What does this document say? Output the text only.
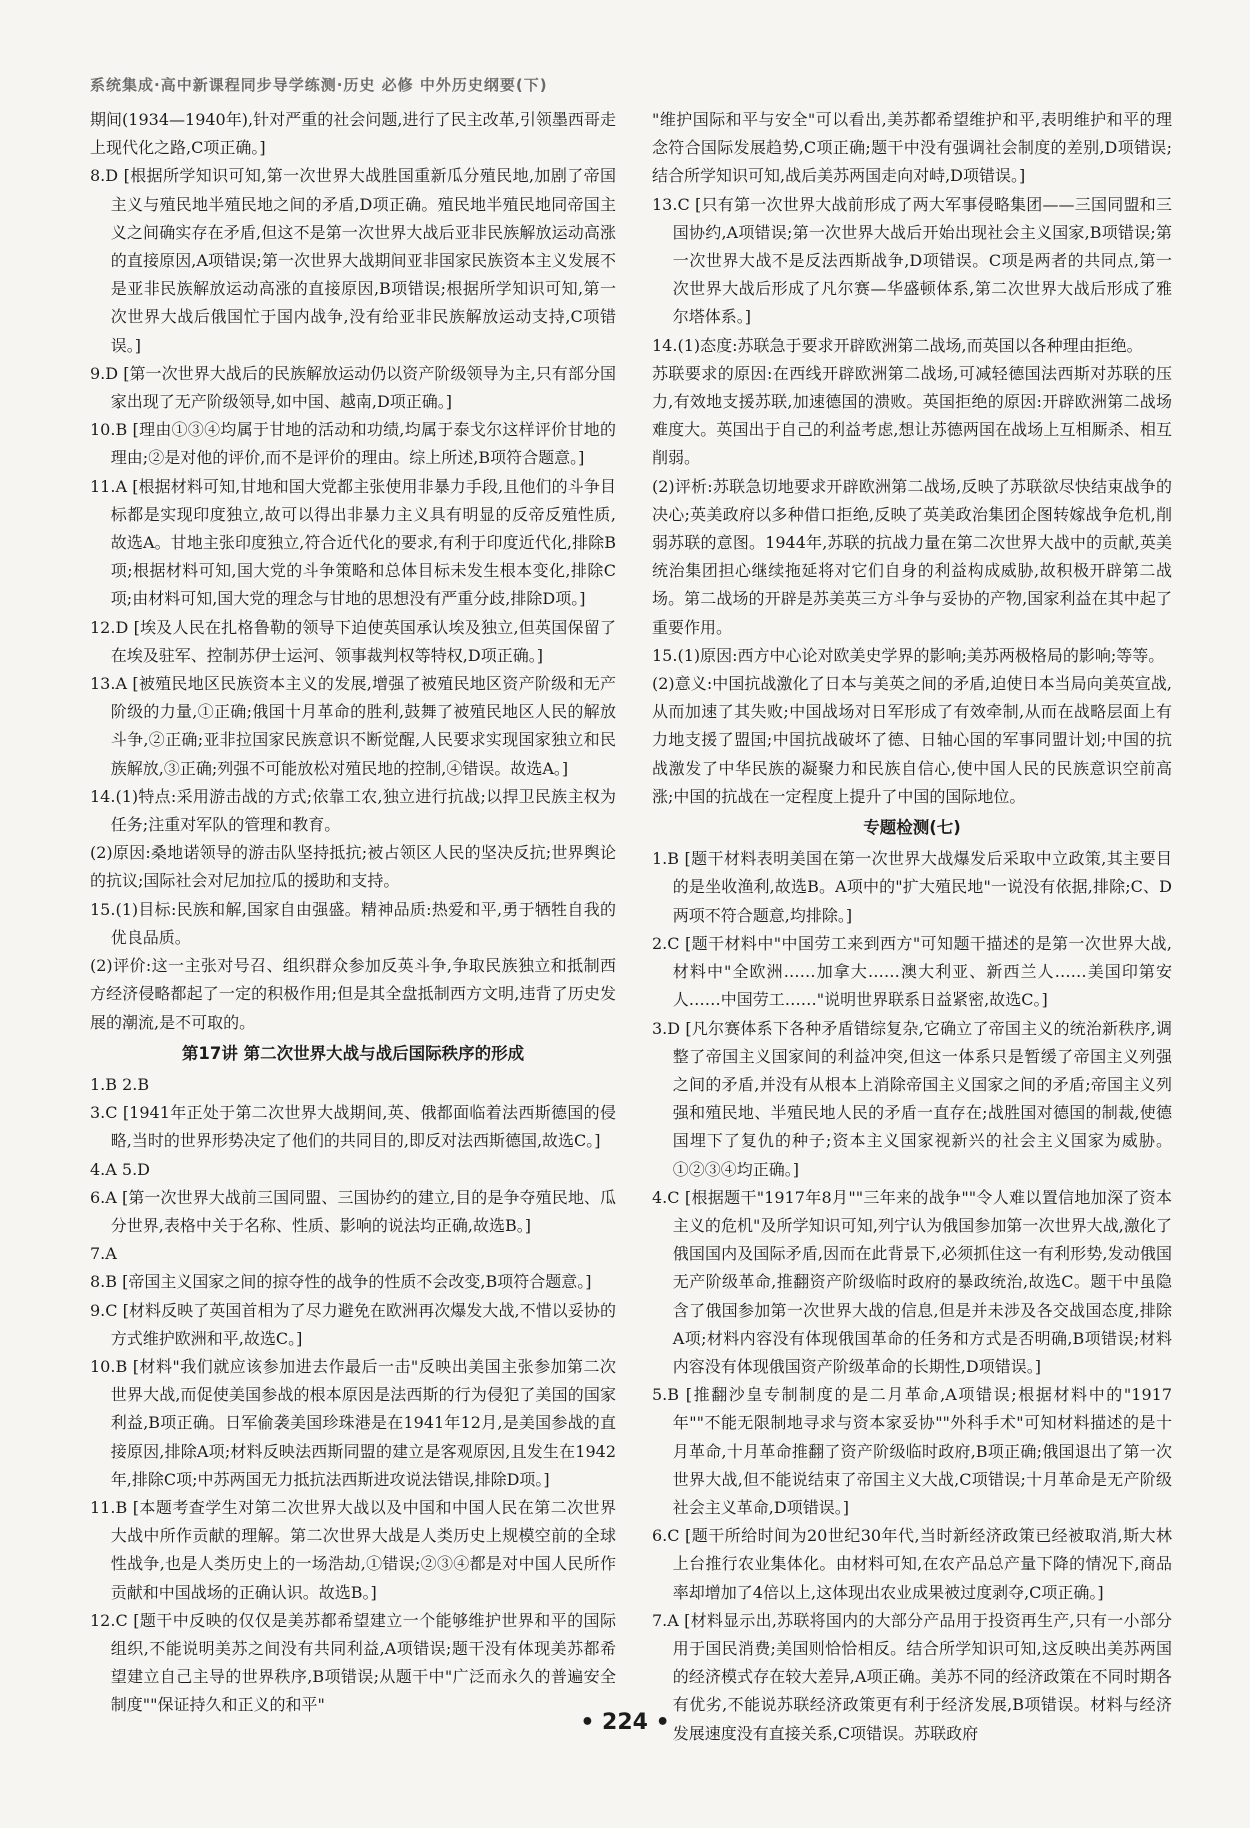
系统集成·高中新课程同步导学练测·历史 必修 中外历史纲要(下)
期间(1934—1940年),针对严重的社会问题,进行了民主改革,引领墨西哥走上现代化之路,C项正确。]
8.D [根据所学知识可知,第一次世界大战胜国重新瓜分殖民地,加剧了帝国主义与殖民地半殖民地之间的矛盾,D项正确。殖民地半殖民地同帝国主义之间确实存在矛盾,但这不是第一次世界大战后亚非民族解放运动高涨的直接原因,A项错误;第一次世界大战期间亚非国家民族资本主义发展不是亚非民族解放运动高涨的直接原因,B项错误;根据所学知识可知,第一次世界大战后俄国忙于国内战争,没有给亚非民族解放运动支持,C项错误。]
9.D [第一次世界大战后的民族解放运动仍以资产阶级领导为主,只有部分国家出现了无产阶级领导,如中国、越南,D项正确。]
10.B [理由①③④均属于甘地的活动和功绩,均属于泰戈尔这样评价甘地的理由;②是对他的评价,而不是评价的理由。综上所述,B项符合题意。]
11.A [根据材料可知,甘地和国大党都主张使用非暴力手段,且他们的斗争目标都是实现印度独立,故可以得出非暴力主义具有明显的反帝反殖性质,故选A。甘地主张印度独立,符合近代化的要求,有利于印度近代化,排除B项;根据材料可知,国大党的斗争策略和总体目标未发生根本变化,排除C项;由材料可知,国大党的理念与甘地的思想没有严重分歧,排除D项。]
12.D [埃及人民在扎格鲁勒的领导下迫使英国承认埃及独立,但英国保留了在埃及驻军、控制苏伊士运河、领事裁判权等特权,D项正确。]
13.A [被殖民地区民族资本主义的发展,增强了被殖民地区资产阶级和无产阶级的力量,①正确;俄国十月革命的胜利,鼓舞了被殖民地区人民的解放斗争,②正确;亚非拉国家民族意识不断觉醒,人民要求实现国家独立和民族解放,③正确;列强不可能放松对殖民地的控制,④错误。故选A。]
14.(1)特点:采用游击战的方式;依靠工农,独立进行抗战;以捍卫民族主权为任务;注重对军队的管理和教育。
(2)原因:桑地诺领导的游击队坚持抵抗;被占领区人民的坚决反抗;世界舆论的抗议;国际社会对尼加拉瓜的援助和支持。
15.(1)目标:民族和解,国家自由强盛。精神品质:热爱和平,勇于牺牲自我的优良品质。
(2)评价:这一主张对号召、组织群众参加反英斗争,争取民族独立和抵制西方经济侵略都起了一定的积极作用;但是其全盘抵制西方文明,违背了历史发展的潮流,是不可取的。
第17讲 第二次世界大战与战后国际秩序的形成
1.B 2.B
3.C [1941年正处于第二次世界大战期间,英、俄都面临着法西斯德国的侵略,当时的世界形势决定了他们的共同目的,即反对法西斯德国,故选C。]
4.A 5.D
6.A [第一次世界大战前三国同盟、三国协约的建立,目的是争夺殖民地、瓜分世界,表格中关于名称、性质、影响的说法均正确,故选B。]
7.A
8.B [帝国主义国家之间的掠夺性的战争的性质不会改变,B项符合题意。]
9.C [材料反映了英国首相为了尽力避免在欧洲再次爆发大战,不惜以妥协的方式维护欧洲和平,故选C。]
10.B [材料"我们就应该参加进去作最后一击"反映出美国主张参加第二次世界大战,而促使美国参战的根本原因是法西斯的行为侵犯了美国的国家利益,B项正确。日军偷袭美国珍珠港是在1941年12月,是美国参战的直接原因,排除A项;材料反映法西斯同盟的建立是客观原因,且发生在1942年,排除C项;中苏两国无力抵抗法西斯进攻说法错误,排除D项。]
11.B [本题考查学生对第二次世界大战以及中国和中国人民在第二次世界大战中所作贡献的理解。第二次世界大战是人类历史上规模空前的全球性战争,也是人类历史上的一场浩劫,①错误;②③④都是对中国人民所作贡献和中国战场的正确认识。故选B。]
12.C [题干中反映的仅仅是美苏都希望建立一个能够维护世界和平的国际组织,不能说明美苏之间没有共同利益,A项错误;题干没有体现美苏都希望建立自己主导的世界秩序,B项错误;从题干中"广泛而永久的普遍安全制度""保证持久和正义的和平"
"维护国际和平与安全"可以看出,美苏都希望维护和平,表明维护和平的理念符合国际发展趋势,C项正确;题干中没有强调社会制度的差别,D项错误;结合所学知识可知,战后美苏两国走向对峙,D项错误。]
13.C [只有第一次世界大战前形成了两大军事侵略集团——三国同盟和三国协约,A项错误;第一次世界大战后开始出现社会主义国家,B项错误;第一次世界大战不是反法西斯战争,D项错误。C项是两者的共同点,第一次世界大战后形成了凡尔赛—华盛顿体系,第二次世界大战后形成了雅尔塔体系。]
14.(1)态度:苏联急于要求开辟欧洲第二战场,而英国以各种理由拒绝。
苏联要求的原因:在西线开辟欧洲第二战场,可减轻德国法西斯对苏联的压力,有效地支援苏联,加速德国的溃败。英国拒绝的原因:开辟欧洲第二战场难度大。英国出于自己的利益考虑,想让苏德两国在战场上互相厮杀、相互削弱。
(2)评析:苏联急切地要求开辟欧洲第二战场,反映了苏联欲尽快结束战争的决心;英美政府以多种借口拒绝,反映了英美政治集团企图转嫁战争危机,削弱苏联的意图。1944年,苏联的抗战力量在第二次世界大战中的贡献,英美统治集团担心继续拖延将对它们自身的利益构成威胁,故积极开辟第二战场。第二战场的开辟是苏美英三方斗争与妥协的产物,国家利益在其中起了重要作用。
15.(1)原因:西方中心论对欧美史学界的影响;美苏两极格局的影响;等等。
(2)意义:中国抗战激化了日本与美英之间的矛盾,迫使日本当局向美英宣战,从而加速了其失败;中国战场对日军形成了有效牵制,从而在战略层面上有力地支援了盟国;中国抗战破坏了德、日轴心国的军事同盟计划;中国的抗战激发了中华民族的凝聚力和民族自信心,使中国人民的民族意识空前高涨;中国的抗战在一定程度上提升了中国的国际地位。
专题检测(七)
1.B [题干材料表明美国在第一次世界大战爆发后采取中立政策,其主要目的是坐收渔利,故选B。A项中的"扩大殖民地"一说没有依据,排除;C、D两项不符合题意,均排除。]
2.C [题干材料中"中国劳工来到西方"可知题干描述的是第一次世界大战,材料中"全欧洲……加拿大……澳大利亚、新西兰人……美国印第安人……中国劳工……"说明世界联系日益紧密,故选C。]
3.D [凡尔赛体系下各种矛盾错综复杂,它确立了帝国主义的统治新秩序,调整了帝国主义国家间的利益冲突,但这一体系只是暂缓了帝国主义列强之间的矛盾,并没有从根本上消除帝国主义国家之间的矛盾;帝国主义列强和殖民地、半殖民地人民的矛盾一直存在;战胜国对德国的制裁,使德国埋下了复仇的种子;资本主义国家视新兴的社会主义国家为威胁。①②③④均正确。]
4.C [根据题干"1917年8月""三年来的战争""令人难以置信地加深了资本主义的危机"及所学知识可知,列宁认为俄国参加第一次世界大战,激化了俄国国内及国际矛盾,因而在此背景下,必须抓住这一有利形势,发动俄国无产阶级革命,推翻资产阶级临时政府的暴政统治,故选C。题干中虽隐含了俄国参加第一次世界大战的信息,但是并未涉及各交战国态度,排除A项;材料内容没有体现俄国革命的任务和方式是否明确,B项错误;材料内容没有体现俄国资产阶级革命的长期性,D项错误。]
5.B [推翻沙皇专制制度的是二月革命,A项错误;根据材料中的"1917年""不能无限制地寻求与资本家妥协""外科手术"可知材料描述的是十月革命,十月革命推翻了资产阶级临时政府,B项正确;俄国退出了第一次世界大战,但不能说结束了帝国主义大战,C项错误;十月革命是无产阶级社会主义革命,D项错误。]
6.C [题干所给时间为20世纪30年代,当时新经济政策已经被取消,斯大林上台推行农业集体化。由材料可知,在农产品总产量下降的情况下,商品率却增加了4倍以上,这体现出农业成果被过度剥夺,C项正确。]
7.A [材料显示出,苏联将国内的大部分产品用于投资再生产,只有一小部分用于国民消费;美国则恰恰相反。结合所学知识可知,这反映出美苏两国的经济模式存在较大差异,A项正确。美苏不同的经济政策在不同时期各有优劣,不能说苏联经济政策更有利于经济发展,B项错误。材料与经济发展速度没有直接关系,C项错误。苏联政府
• 224 •
